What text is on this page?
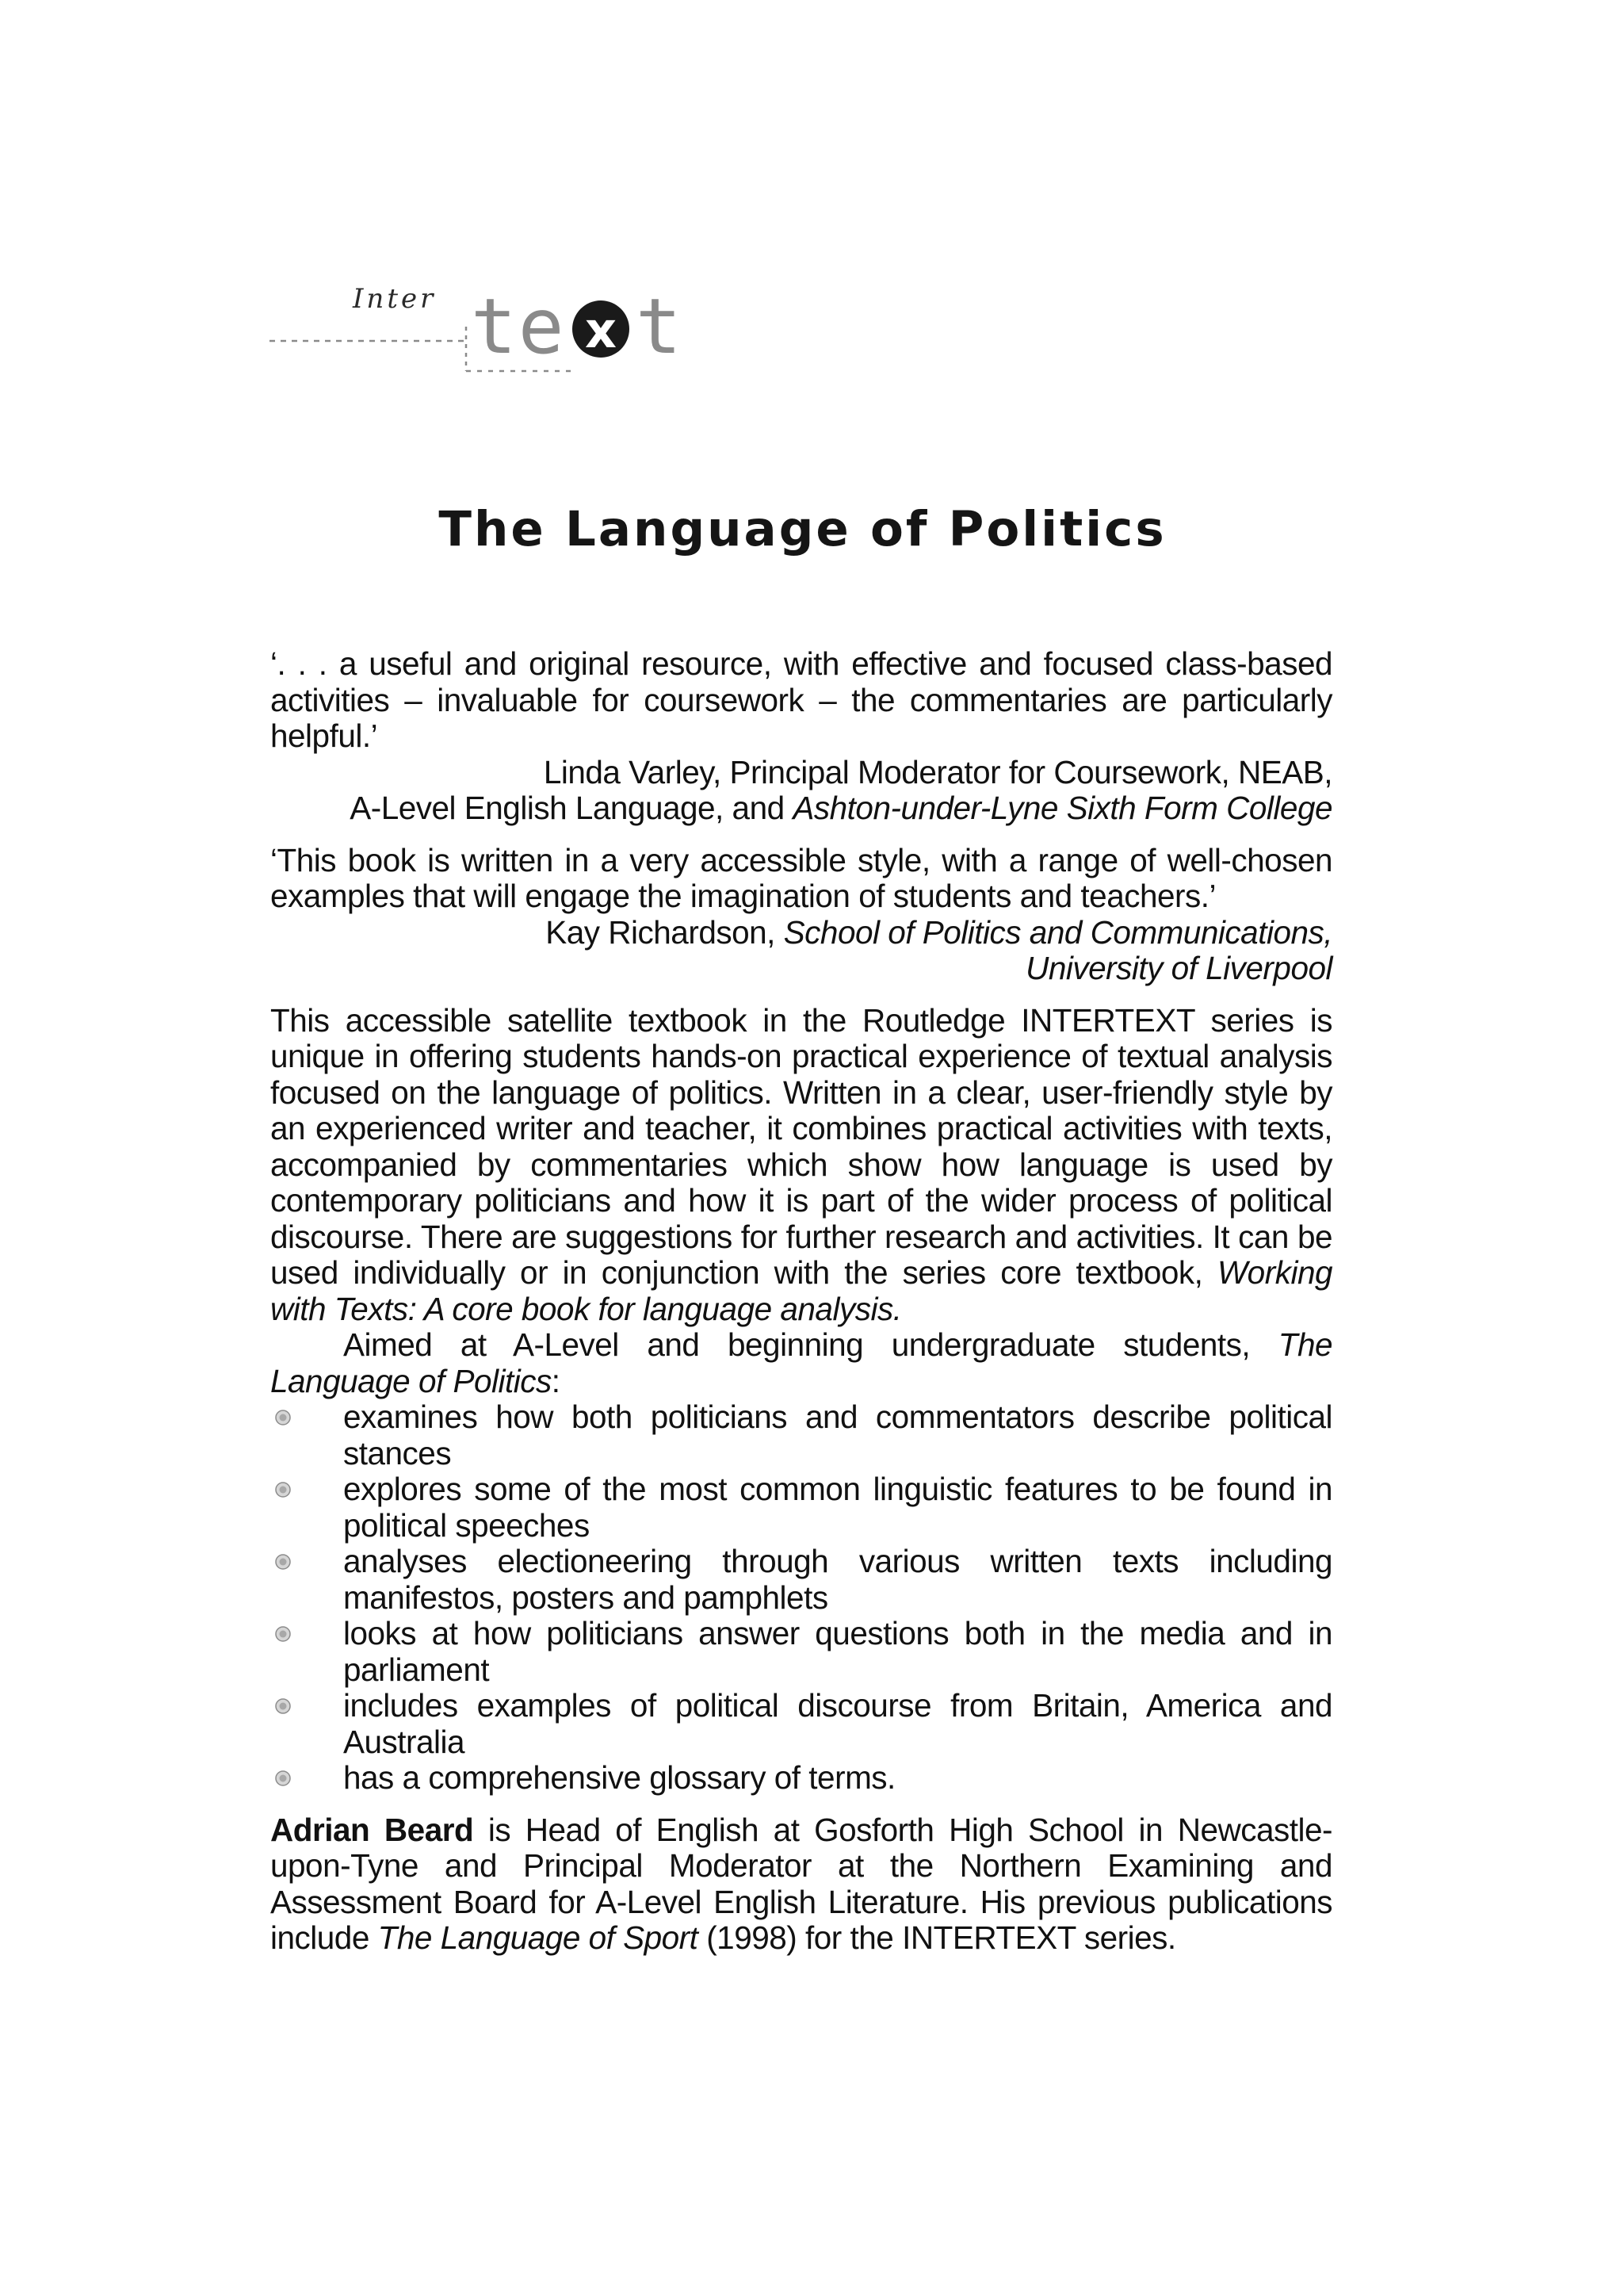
Inter te x t
The Language of Politics

‘. . . a useful and original resource, with effective and focused class-based activities – invaluable for coursework – the commentaries are particularly helpful.’

Linda Varley, Principal Moderator for Coursework, NEAB,

A-Level English Language, and Ashton-under-Lyne Sixth Form College

‘This book is written in a very accessible style, with a range of well-chosen examples that will engage the imagination of students and teachers.’

Kay Richardson, School of Politics and Communications,

University of Liverpool

This accessible satellite textbook in the Routledge INTERTEXT series is unique in offering students hands-on practical experience of textual analysis focused on the language of politics. Written in a clear, user-friendly style by an experienced writer and teacher, it combines practical activities with texts, accompanied by commentaries which show how language is used by contemporary politicians and how it is part of the wider process of political discourse. There are suggestions for further research and activities. It can be used individually or in conjunction with the series core textbook, Working with Texts: A core book for language analysis.

Aimed at A-Level and beginning undergraduate students, The Language of Politics:

examines how both politicians and commentators describe political stances
explores some of the most common linguistic features to be found in political speeches
analyses electioneering through various written texts including manifestos, posters and pamphlets
looks at how politicians answer questions both in the media and in parliament
includes examples of political discourse from Britain, America and Australia
has a comprehensive glossary of terms.

Adrian Beard is Head of English at Gosforth High School in Newcastle-upon-Tyne and Principal Moderator at the Northern Examining and Assessment Board for A-Level English Literature. His previous publications include The Language of Sport (1998) for the INTERTEXT series.
